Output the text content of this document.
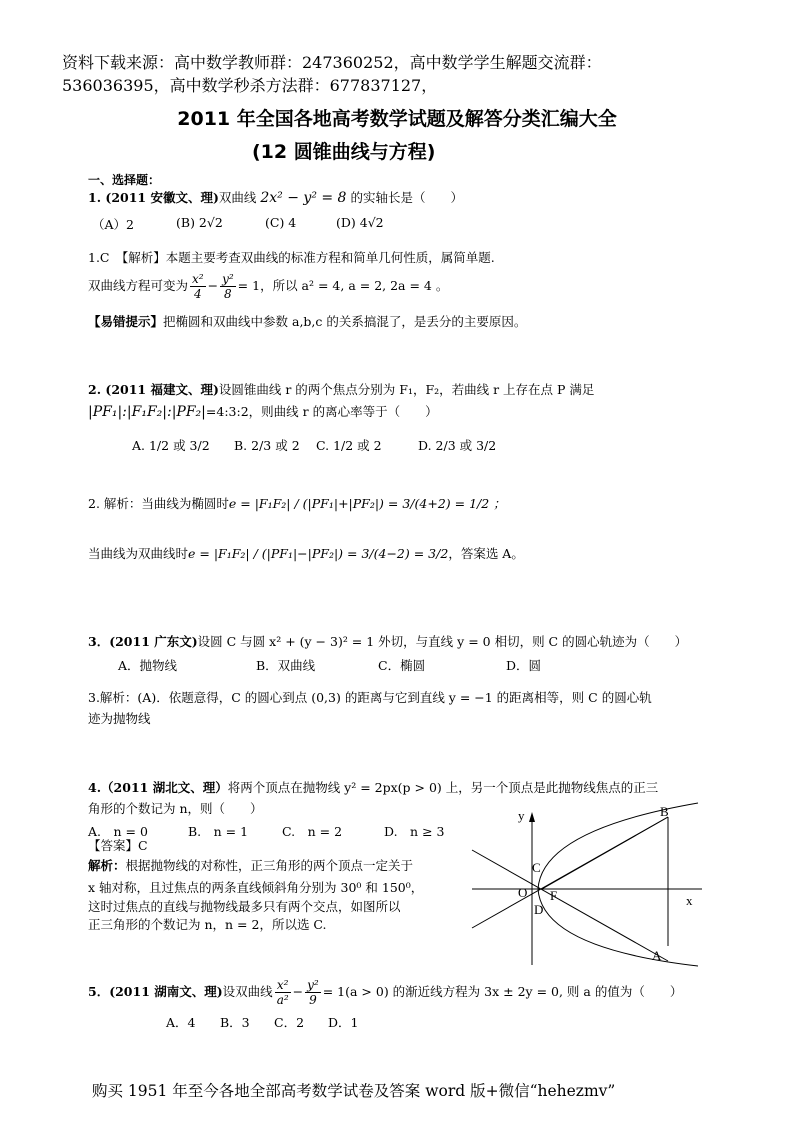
资料下载来源：高中数学教师群：247360252，高中数学学生解题交流群：
536036395，高中数学秒杀方法群：677837127，
2011 年全国各地高考数学试题及解答分类汇编大全
(12 圆锥曲线与方程)
一、选择题：
1. (2011 安徽文、理)双曲线 2x² − y² = 8 的实轴长是（　　）
（A）2	(B) 2√2	(C) 4	(D) 4√2
1.C　【解析】本题主要考查双曲线的标准方程和简单几何性质，属简单题.
双曲线方程可变为 $\frac{\text{x²}}{4} - \frac{\text{y²}}{8} = 1$，所以 a² = 4, a = 2, 2a = 4 。
【易错提示】把椭圆和双曲线中参数 a,b,c 的关系搞混了，是丢分的主要原因。
2. (2011 福建文、理)设圆锥曲线 r 的两个焦点分别为 F₁，F₂，若曲线 r 上存在点 P 满足
|PF₁|:|F₁F₂|:|PF₂|=4:3:2，则曲线 r 的离心率等于（　　）
A. 1/2 或 3/2 B. 2/3 或 2 C. 1/2 或 2	D. 2/3 或 3/2
2. 解析：当曲线为椭圆时e = |F₁F₂| / (|PF₁|+|PF₂|) = 3/(4+2) = 1/2 ；
当曲线为双曲线时e = |F₁F₂| / (|PF₁|−|PF₂|) = 3/(4−2) = 3/2，答案选 A。
3．(2011 广东文)设圆 C 与圆 x² + (y − 3)² = 1 外切，与直线 y = 0 相切，则 C 的圆心轨迹为（　　）
A．抛物线	B．双曲线	C．椭圆	D．圆
3.解析：(A)．依题意得，C 的圆心到点 (0,3) 的距离与它到直线 y = −1 的距离相等，则 C 的圆心轨
迹为抛物线
4.（2011 湖北文、理）将两个顶点在抛物线 y² = 2px(p > 0) 上，另一个顶点是此抛物线焦点的正三
角形的个数记为 n，则（　　）
A.　n = 0	B.　n = 1	C.　n = 2	D.　n ≥ 3
【答案】C
解析：根据抛物线的对称性，正三角形的两个顶点一定关于
x 轴对称，且过焦点的两条直线倾斜角分别为 30⁰ 和 150⁰，
这时过焦点的直线与抛物线最多只有两个交点，如图所以
正三角形的个数记为 n，n = 2，所以选 C.
y
x
B
A
C
D
O F
5．(2011 湖南文、理)设双曲线 $\frac{\text{x²}}{\text{a²}} - \frac{\text{y²}}{9} = 1(a > 0)$ 的渐近线方程为 3x ± 2y = 0, 则 a 的值为（　　）
A．4 B．3 C．2 D．1
购买 1951 年至今各地全部高考数学试卷及答案 word 版+微信“hehezmv”
